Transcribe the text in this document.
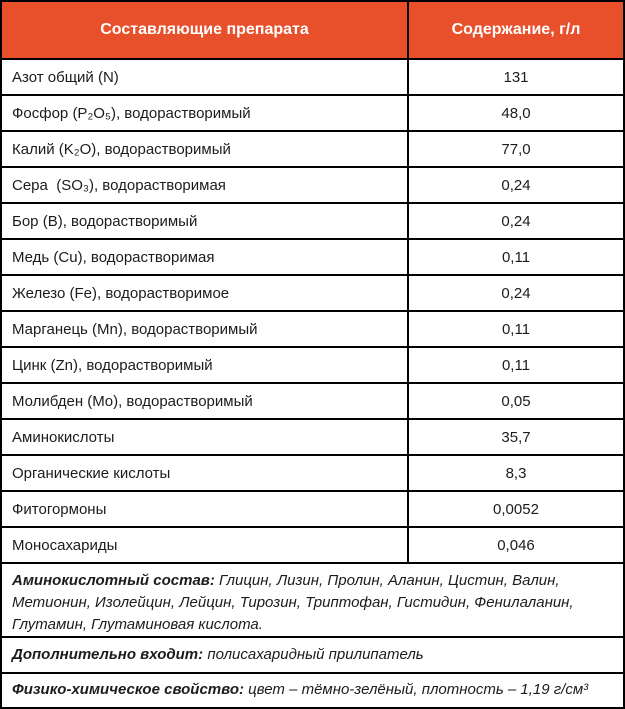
Составляющие препарата	Содержание, г/л
Азот общий (N)	131
Фосфор (P₂O₅), водорастворимый	48,0
Калий (K₂O), водорастворимый	77,0
Сера  (SO₃), водорастворимая	0,24
Бор (B), водорастворимый	0,24
Медь (Cu), водорастворимая	0,11
Железо (Fe), водорастворимое	0,24
Марганець (Mn), водорастворимый	0,11
Цинк (Zn), водорастворимый	0,11
Молибден (Mo), водорастворимый	0,05
Аминокислоты	35,7
Органические кислоты	8,3
Фитогормоны	0,0052
Моносахариды	0,046
Аминокислотный состав: Глицин, Лизин, Пролин, Аланин, Цистин, Валин, Метионин, Изолейцин, Лейцин, Тирозин, Триптофан, Гистидин, Фенилаланин, Глутамин, Глутаминовая кислота.
Дополнительно входит: полисахаридный прилипатель
Физико-химическое свойство: цвет – тёмно-зелёный, плотность – 1,19 г/см³
